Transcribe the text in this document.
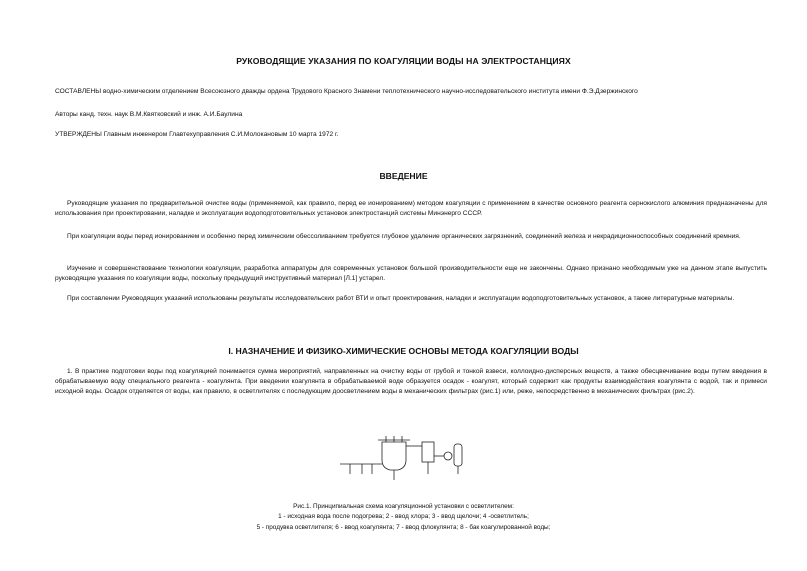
РУКОВОДЯЩИЕ УКАЗАНИЯ ПО КОАГУЛЯЦИИ ВОДЫ НА ЭЛЕКТРОСТАНЦИЯХ
СОСТАВЛЕНЫ водно-химическим отделением Всесоюзного дважды ордена Трудового Красного Знамени теплотехнического научно-исследовательского института имени Ф.Э.Дзержинского
Авторы канд. техн. наук В.М.Квятковский и инж. А.И.Баулина
УТВЕРЖДЕНЫ Главным инженером Главтехуправления С.И.Молокановым 10 марта 1972 г.
ВВЕДЕНИЕ
Руководящие указания по предварительной очистке воды (применяемой, как правило, перед ее ионированием) методом коагуляции с применением в качестве основного реагента сернокислого алюминия предназначены для использования при проектировании, наладке и эксплуатации водоподготовительных установок электростанций системы Минэнерго СССР.
При коагуляции воды перед ионированием и особенно перед химическим обессоливанием требуется глубокое удаление органических загрязнений, соединений железа и некрадиционноспособных соединений кремния.
Изучение и совершенствование технологии коагуляции, разработка аппаратуры для современных установок большой производительности еще не закончены. Однако признано необходимым уже на данном этапе выпустить руководящие указания по коагуляции воды, поскольку предыдущий инструктивный материал [Л.1] устарел.
При составлении Руководящих указаний использованы результаты исследовательских работ ВТИ и опыт проектирования, наладки и эксплуатации водоподготовительных установок, а также литературные материалы.
I. НАЗНАЧЕНИЕ И ФИЗИКО-ХИМИЧЕСКИЕ ОСНОВЫ МЕТОДА КОАГУЛЯЦИИ ВОДЫ
1. В практике подготовки воды под коагуляцией понимается сумма мероприятий, направленных на очистку воды от грубой и тонкой взвеси, коллоидно-дисперсных веществ, а также обесцвечивание воды путем введения в обрабатываемую воду специального реагента - коагулянта. При введении коагулянта в обрабатываемой воде образуется осадок - коагулят, который содержит как продукты взаимодействия коагулянта с водой, так и примеси исходной воды. Осадок отделяется от воды, как правило, в осветлителях с последующим доосветлением воды в механических фильтрах (рис.1) или, реже, непосредственно в механических фильтрах (рис.2).
Рис.1. Принципиальная схема коагуляционной установки с осветлителем:
1 - исходная вода после подогрева; 2 - ввод хлора; 3 - ввод щелочи; 4 -осветлитель;
5 - продувка осветлителя; 6 - ввод коагулянта; 7 - ввод флокулянта; 8 - бак коагулированной воды;
